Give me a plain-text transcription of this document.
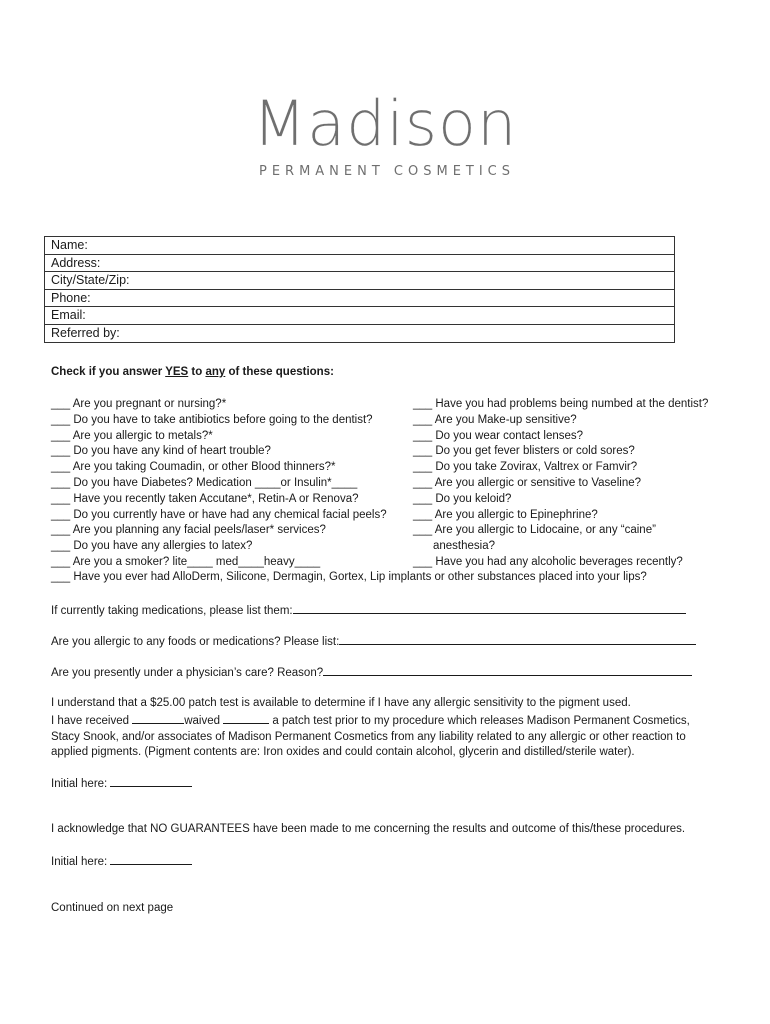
Madison
PERMANENT COSMETICS
Name:
Address:
City/State/Zip:
Phone:
Email:
Referred by:
Check if you answer YES to any of these questions:
___ Are you pregnant or nursing?*
___ Do you have to take antibiotics before going to the dentist?
___ Are you allergic to metals?*
___ Do you have any kind of heart trouble?
___ Are you taking Coumadin, or other Blood thinners?*
___ Do you have Diabetes? Medication ____or Insulin*____
___ Have you recently taken Accutane*, Retin-A or Renova?
___ Do you currently have or have had any chemical facial peels?
___ Are you planning any facial peels/laser* services?
___ Do you have any allergies to latex?
___ Are you a smoker? lite____ med____heavy____
___ Have you had problems being numbed at the dentist?
___ Are you Make-up sensitive?
___ Do you wear contact lenses?
___ Do you get fever blisters or cold sores?
___ Do you take Zovirax, Valtrex or Famvir?
___ Are you allergic or sensitive to Vaseline?
___ Do you keloid?
___ Are you allergic to Epinephrine?
___ Are you allergic to Lidocaine, or any “caine”
anesthesia?
___ Have you had any alcoholic beverages recently?
___ Have you ever had AlloDerm, Silicone, Dermagin, Gortex, Lip implants or other substances placed into your lips?
If currently taking medications, please list them:
Are you allergic to any foods or medications? Please list:
Are you presently under a physician’s care? Reason?
I understand that a $25.00 patch test is available to determine if I have any allergic sensitivity to the pigment used.
I have received	waived	a patch test prior to my procedure which releases Madison Permanent Cosmetics,
Stacy Snook, and/or associates of Madison Permanent Cosmetics from any liability related to any allergic or other reaction to
applied pigments. (Pigment contents are: Iron oxides and could contain alcohol, glycerin and distilled/sterile water).
Initial here:
I acknowledge that NO GUARANTEES have been made to me concerning the results and outcome of this/these procedures.
Initial here:
Continued on next page
